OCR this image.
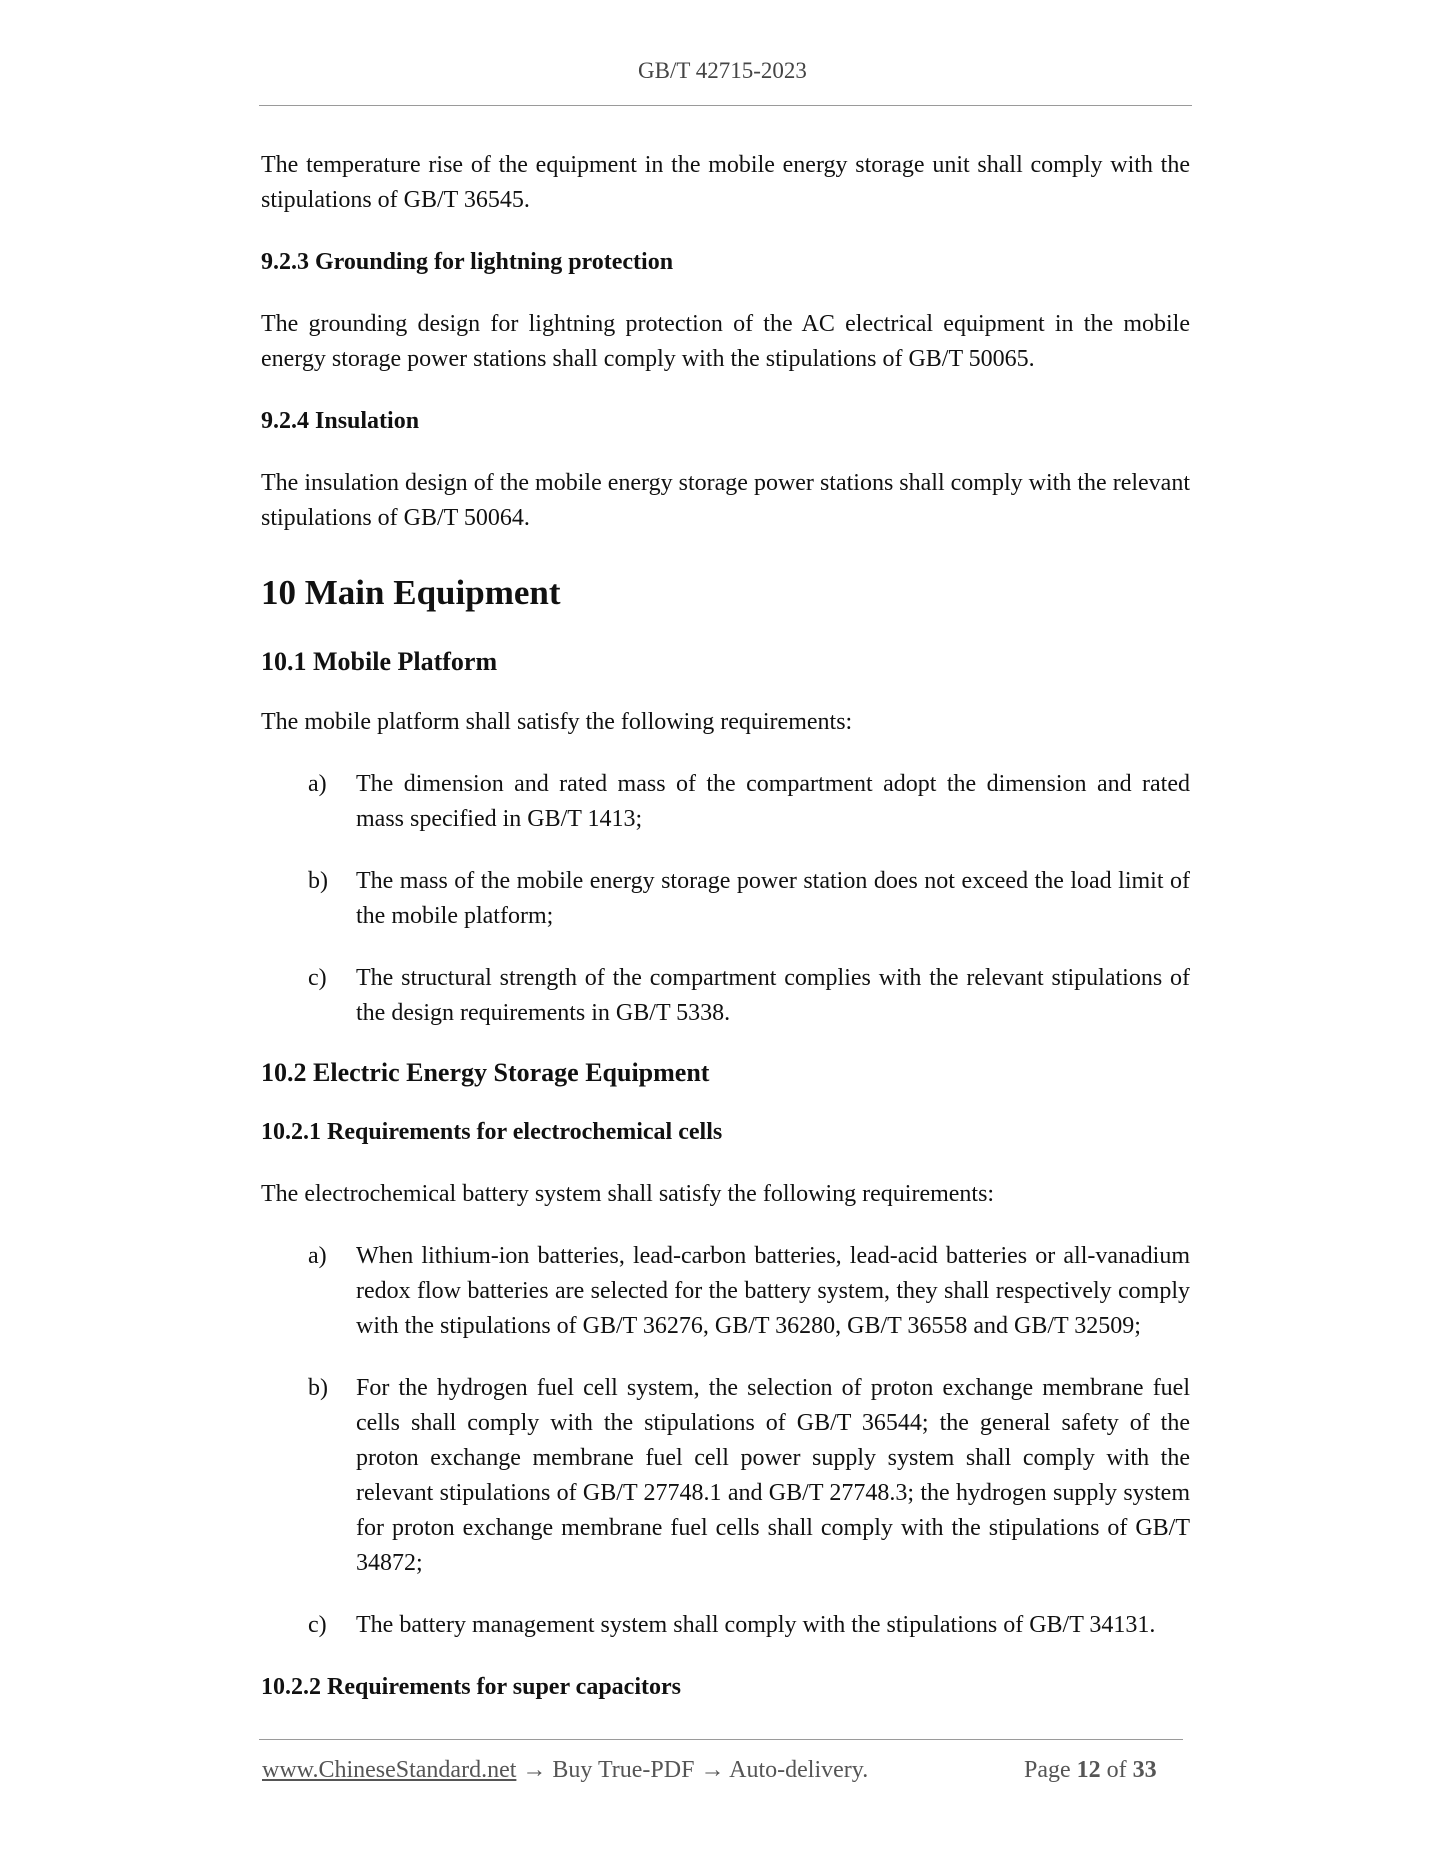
GB/T 42715-2023

The temperature rise of the equipment in the mobile energy storage unit shall comply with the stipulations of GB/T 36545.

9.2.3 Grounding for lightning protection

The grounding design for lightning protection of the AC electrical equipment in the mobile energy storage power stations shall comply with the stipulations of GB/T 50065.

9.2.4 Insulation

The insulation design of the mobile energy storage power stations shall comply with the relevant stipulations of GB/T 50064.

10 Main Equipment
10.1 Mobile Platform

The mobile platform shall satisfy the following requirements:

a) The dimension and rated mass of the compartment adopt the dimension and rated mass specified in GB/T 1413;

b) The mass of the mobile energy storage power station does not exceed the load limit of the mobile platform;

c) The structural strength of the compartment complies with the relevant stipulations of the design requirements in GB/T 5338.

10.2 Electric Energy Storage Equipment
10.2.1 Requirements for electrochemical cells

The electrochemical battery system shall satisfy the following requirements:

a) When lithium-ion batteries, lead-carbon batteries, lead-acid batteries or all-vanadium redox flow batteries are selected for the battery system, they shall respectively comply with the stipulations of GB/T 36276, GB/T 36280, GB/T 36558 and GB/T 32509;

b) For the hydrogen fuel cell system, the selection of proton exchange membrane fuel cells shall comply with the stipulations of GB/T 36544; the general safety of the proton exchange membrane fuel cell power supply system shall comply with the relevant stipulations of GB/T 27748.1 and GB/T 27748.3; the hydrogen supply system for proton exchange membrane fuel cells shall comply with the stipulations of GB/T 34872;

c) The battery management system shall comply with the stipulations of GB/T 34131.

10.2.2 Requirements for super capacitors
www.ChineseStandard.net → Buy True-PDF → Auto-delivery.	Page 12 of 33
